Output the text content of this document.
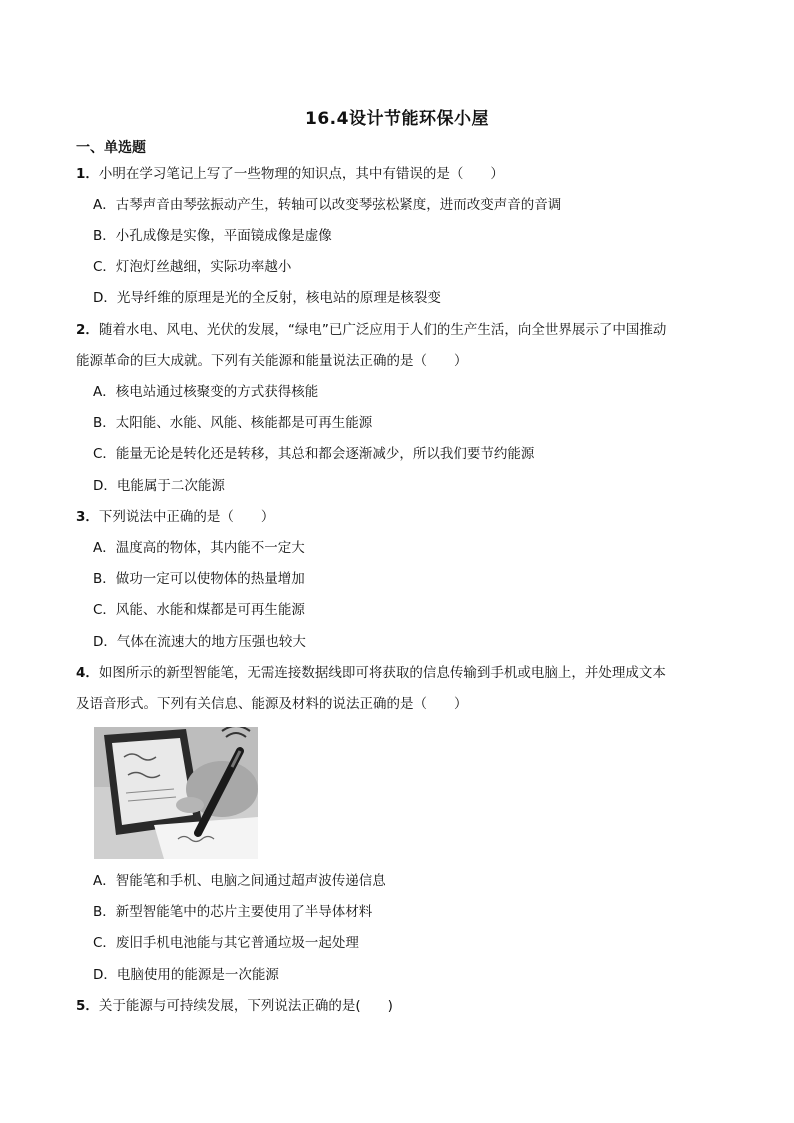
16.4设计节能环保小屋
一、单选题
1．小明在学习笔记上写了一些物理的知识点，其中有错误的是（　　）
A．古琴声音由琴弦振动产生，转轴可以改变琴弦松紧度，进而改变声音的音调
B．小孔成像是实像，平面镜成像是虚像
C．灯泡灯丝越细，实际功率越小
D．光导纤维的原理是光的全反射，核电站的原理是核裂变
2．随着水电、风电、光伏的发展，“绿电”已广泛应用于人们的生产生活，向全世界展示了中国推动
能源革命的巨大成就。下列有关能源和能量说法正确的是（　　）
A．核电站通过核聚变的方式获得核能
B．太阳能、水能、风能、核能都是可再生能源
C．能量无论是转化还是转移，其总和都会逐渐减少，所以我们要节约能源
D．电能属于二次能源
3．下列说法中正确的是（　　）
A．温度高的物体，其内能不一定大
B．做功一定可以使物体的热量增加
C．风能、水能和煤都是可再生能源
D．气体在流速大的地方压强也较大
4．如图所示的新型智能笔，无需连接数据线即可将获取的信息传输到手机或电脑上，并处理成文本
及语音形式。下列有关信息、能源及材料的说法正确的是（　　）
A．智能笔和手机、电脑之间通过超声波传递信息
B．新型智能笔中的芯片主要使用了半导体材料
C．废旧手机电池能与其它普通垃圾一起处理
D．电脑使用的能源是一次能源
5．关于能源与可持续发展，下列说法正确的是(　　)
